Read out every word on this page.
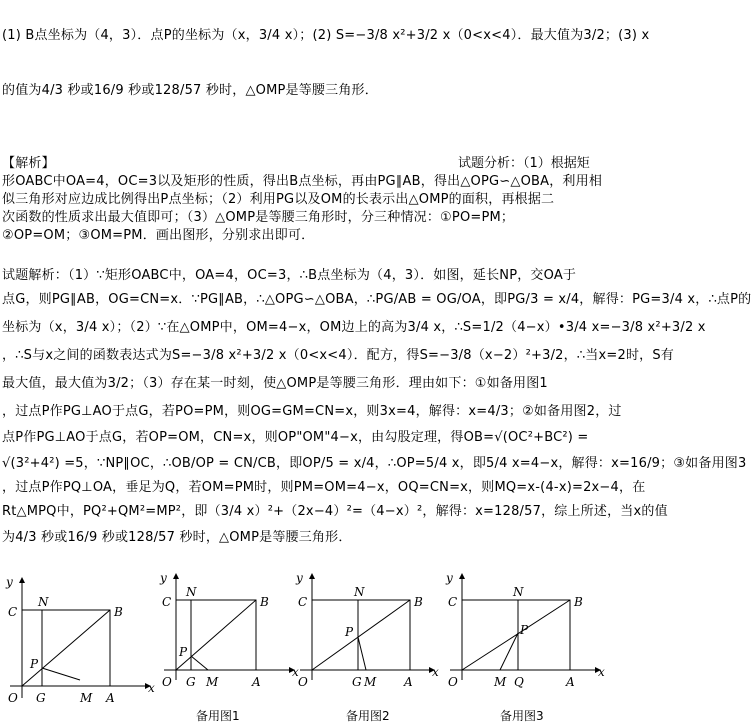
(1) B点坐标为（4，3）．点P的坐标为（x，3/4 x）；(2) S=−3/8 x²+3/2 x（0<x<4）．最大值为3/2；(3) x
的值为4/3 秒或16/9 秒或128/57 秒时，△OMP是等腰三角形．
【解析】	试题分析：（1）根据矩
形OABC中OA=4，OC=3以及矩形的性质，得出B点坐标，再由PG∥AB，得出△OPG∽△OBA，利用相
似三角形对应边成比例得出P点坐标；（2）利用PG以及OM的长表示出△OMP的面积，再根据二
次函数的性质求出最大值即可；（3）△OMP是等腰三角形时，分三种情况：①PO=PM；
②OP=OM；③OM=PM．画出图形，分别求出即可．
试题解析：（1）∵矩形OABC中，OA=4，OC=3，∴B点坐标为（4，3）．如图，延长NP，交OA于
点G，则PG∥AB，OG=CN=x．∵PG∥AB，∴△OPG∽△OBA，∴PG/AB = OG/OA，即PG/3 = x/4，解得：PG=3/4 x，∴点P的
坐标为（x，3/4 x）；（2）∵在△OMP中，OM=4−x，OM边上的高为3/4 x，∴S=1/2（4−x）•3/4 x=−3/8 x²+3/2 x
，∴S与x之间的函数表达式为S=−3/8 x²+3/2 x（0<x<4）．配方，得S=−3/8（x−2）²+3/2，∴当x=2时，S有
最大值，最大值为3/2；（3）存在某一时刻，使△OMP是等腰三角形．理由如下：①如备用图1
，过点P作PG⊥AO于点G，若PO=PM，则OG=GM=CN=x，则3x=4，解得：x=4/3；②如备用图2，过
点P作PG⊥AO于点G，若OP=OM，CN=x，则OP"OM"4−x，由勾股定理，得OB=√(OC²+BC²) =
√(3²+4²) =5，∵NP∥OC，∴OB/OP = CN/CB，即OP/5 = x/4，∴OP=5/4 x，即5/4 x=4−x，解得：x=16/9；③如备用图3
，过点P作PQ⊥OA，垂足为Q，若OM=PM时，则PM=OM=4−x，OQ=CN=x，则MQ=x-(4-x)=2x−4，在
Rt△MPQ中，PQ²+QM²=MP²，即（3/4 x）²+（2x−4）²=（4−x）²，解得：x=128/57，综上所述，当x的值
为4/3 秒或16/9 秒或128/57 秒时，△OMP是等腰三角形．
y
C
N
B
P
O G	M A
x
y
C
N
B
P
O G M	A
x
备用图1
y
C
N
B
P
O	G M A
x
备用图2
y
C
N
B
P
O	M Q	A
x
备用图3
